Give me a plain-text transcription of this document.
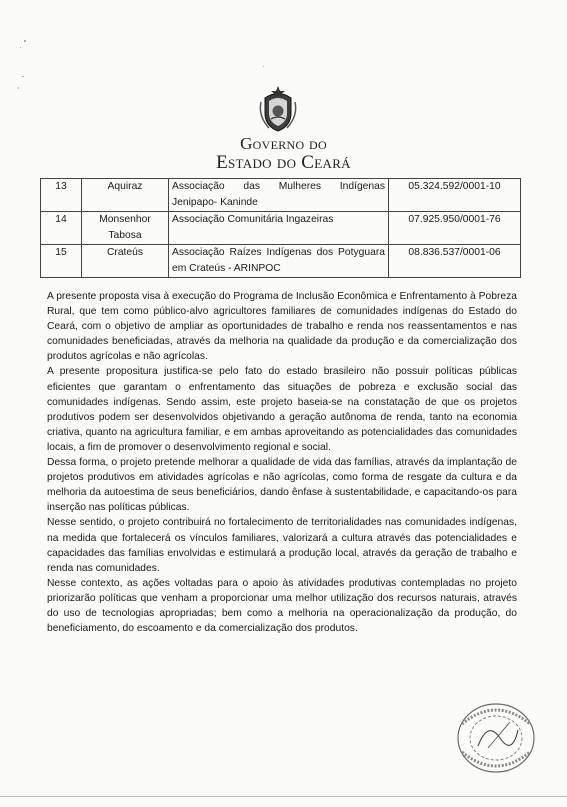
Governo do
Estado do Ceará
13	Aquiraz	Associação das Mulheres Indígenas Jenipapo- Kaninde	05.324.592/0001-10
14	Monsenhor Tabosa	Associação Comunitária Ingazeiras	07.925.950/0001-76
15	Crateús	Associação Raízes Indígenas dos Potyguara em Crateús - ARINPOC	08.836.537/0001-06

A presente proposta visa à execução do Programa de Inclusão Econômica e Enfrentamento à Pobreza Rural, que tem como público-alvo agricultores familiares de comunidades indígenas do Estado do Ceará, com o objetivo de ampliar as oportunidades de trabalho e renda nos reassentamentos e nas comunidades beneficiadas, através da melhoria na qualidade da produção e da comercialização dos produtos agrícolas e não agrícolas.

A presente propositura justifica-se pelo fato do estado brasileiro não possuir políticas públicas eficientes que garantam o enfrentamento das situações de pobreza e exclusão social das comunidades indígenas. Sendo assim, este projeto baseia-se na constatação de que os projetos produtivos podem ser desenvolvidos objetivando a geração autônoma de renda, tanto na economia criativa, quanto na agricultura familiar, e em ambas aproveitando as potencialidades das comunidades locais, a fim de promover o desenvolvimento regional e social.

Dessa forma, o projeto pretende melhorar a qualidade de vida das famílias, através da implantação de projetos produtivos em atividades agrícolas e não agrícolas, como forma de resgate da cultura e da melhoria da autoestima de seus beneficiários, dando ênfase à sustentabilidade, e capacitando-os para inserção nas políticas públicas.

Nesse sentido, o projeto contribuirá no fortalecimento de territorialidades nas comunidades indígenas, na medida que fortalecerá os vínculos familiares, valorizará a cultura através das potencialidades e capacidades das famílias envolvidas e estimulará a produção local, através da geração de trabalho e renda nas comunidades.

Nesse contexto, as ações voltadas para o apoio às atividades produtivas contempladas no projeto priorizarão políticas que venham a proporcionar uma melhor utilização dos recursos naturais, através do uso de tecnologias apropriadas; bem como a melhoria na operacionalização da produção, do beneficiamento, do escoamento e da comercialização dos produtos.
